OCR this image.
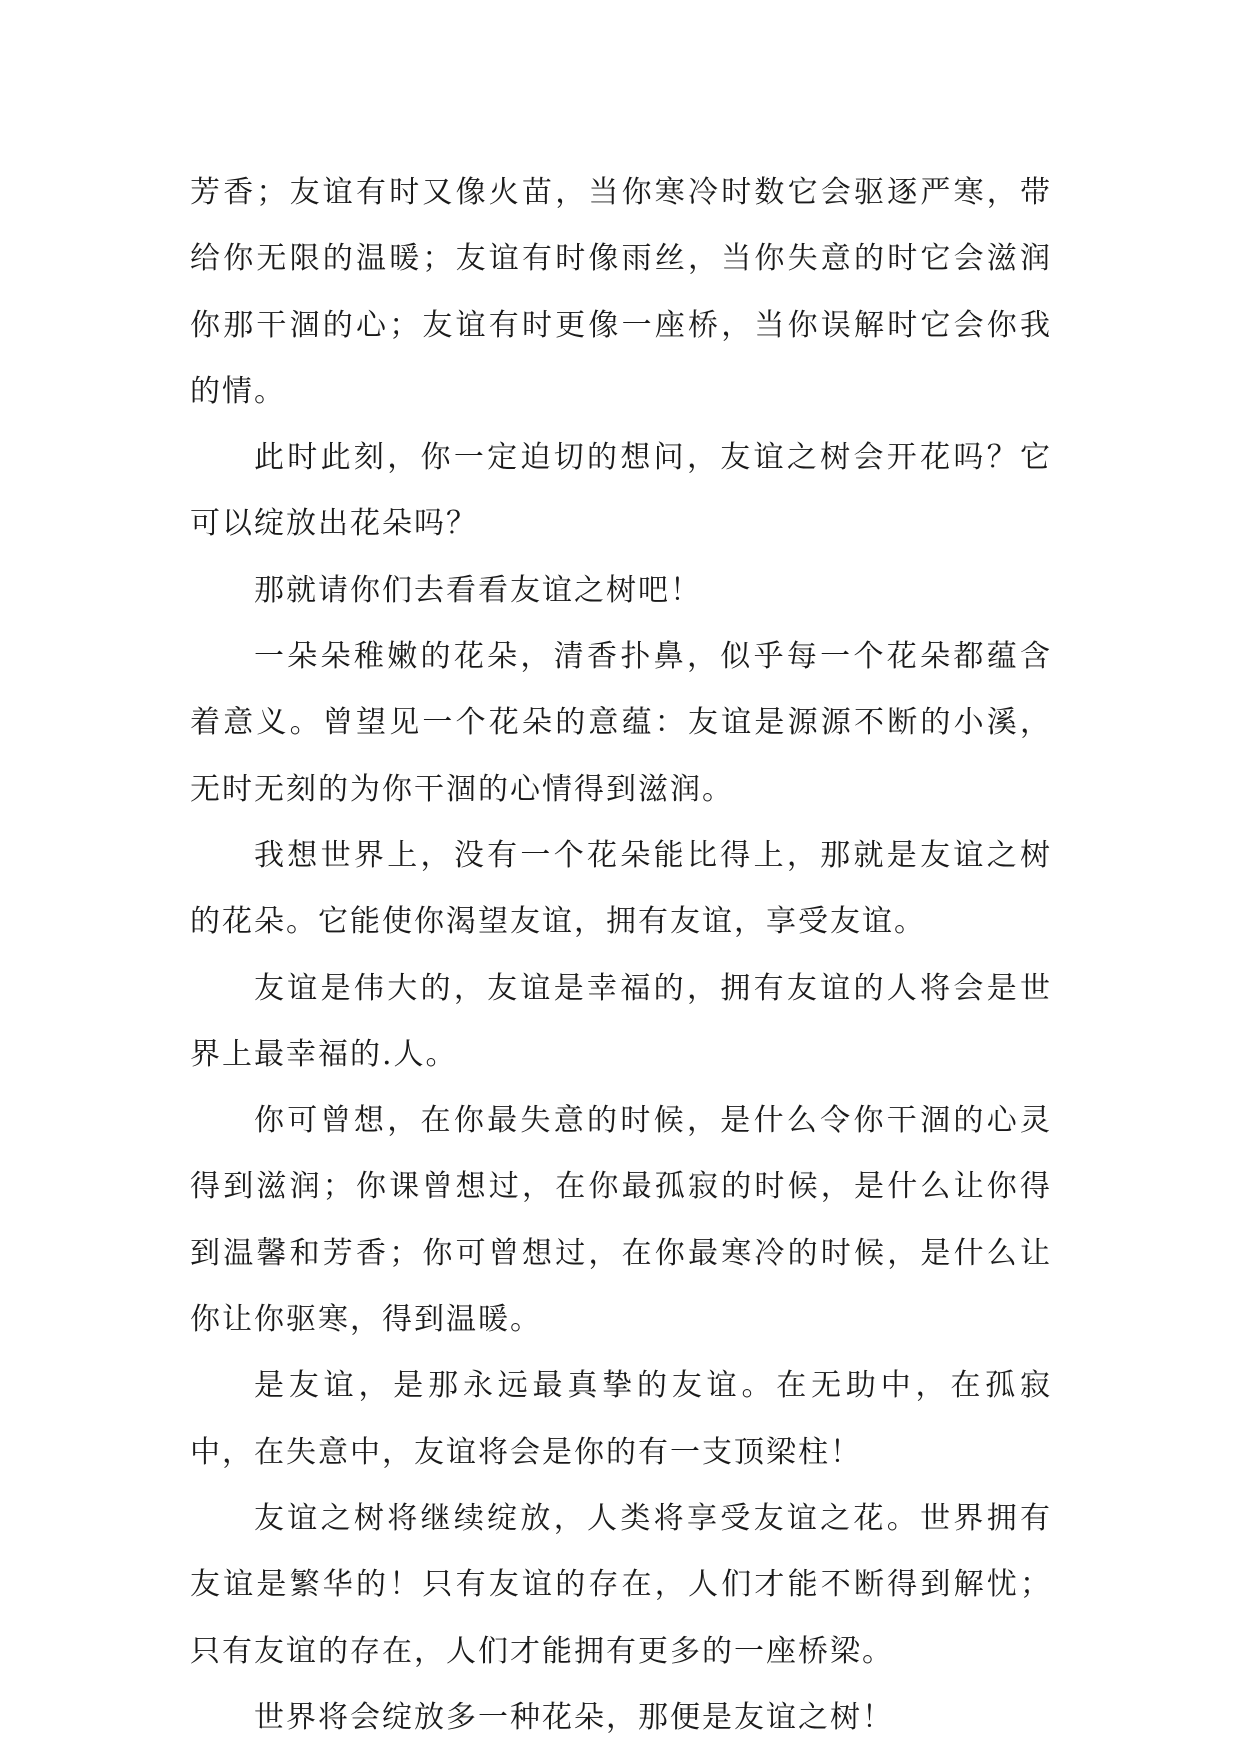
芳香；友谊有时又像火苗，当你寒冷时数它会驱逐严寒，带给你无限的温暖；友谊有时像雨丝，当你失意的时它会滋润你那干涸的心；友谊有时更像一座桥，当你误解时它会你我的情。

此时此刻，你一定迫切的想问，友谊之树会开花吗？它可以绽放出花朵吗？

那就请你们去看看友谊之树吧！

一朵朵稚嫩的花朵，清香扑鼻，似乎每一个花朵都蕴含着意义。曾望见一个花朵的意蕴：友谊是源源不断的小溪，无时无刻的为你干涸的心情得到滋润。

我想世界上，没有一个花朵能比得上，那就是友谊之树的花朵。它能使你渴望友谊，拥有友谊，享受友谊。

友谊是伟大的，友谊是幸福的，拥有友谊的人将会是世界上最幸福的.人。

你可曾想，在你最失意的时候，是什么令你干涸的心灵得到滋润；你课曾想过，在你最孤寂的时候，是什么让你得到温馨和芳香；你可曾想过，在你最寒冷的时候，是什么让你让你驱寒，得到温暖。

是友谊，是那永远最真挚的友谊。在无助中，在孤寂中，在失意中，友谊将会是你的有一支顶梁柱！

友谊之树将继续绽放，人类将享受友谊之花。世界拥有友谊是繁华的！只有友谊的存在，人们才能不断得到解忧；只有友谊的存在，人们才能拥有更多的一座桥梁。

世界将会绽放多一种花朵，那便是友谊之树！
